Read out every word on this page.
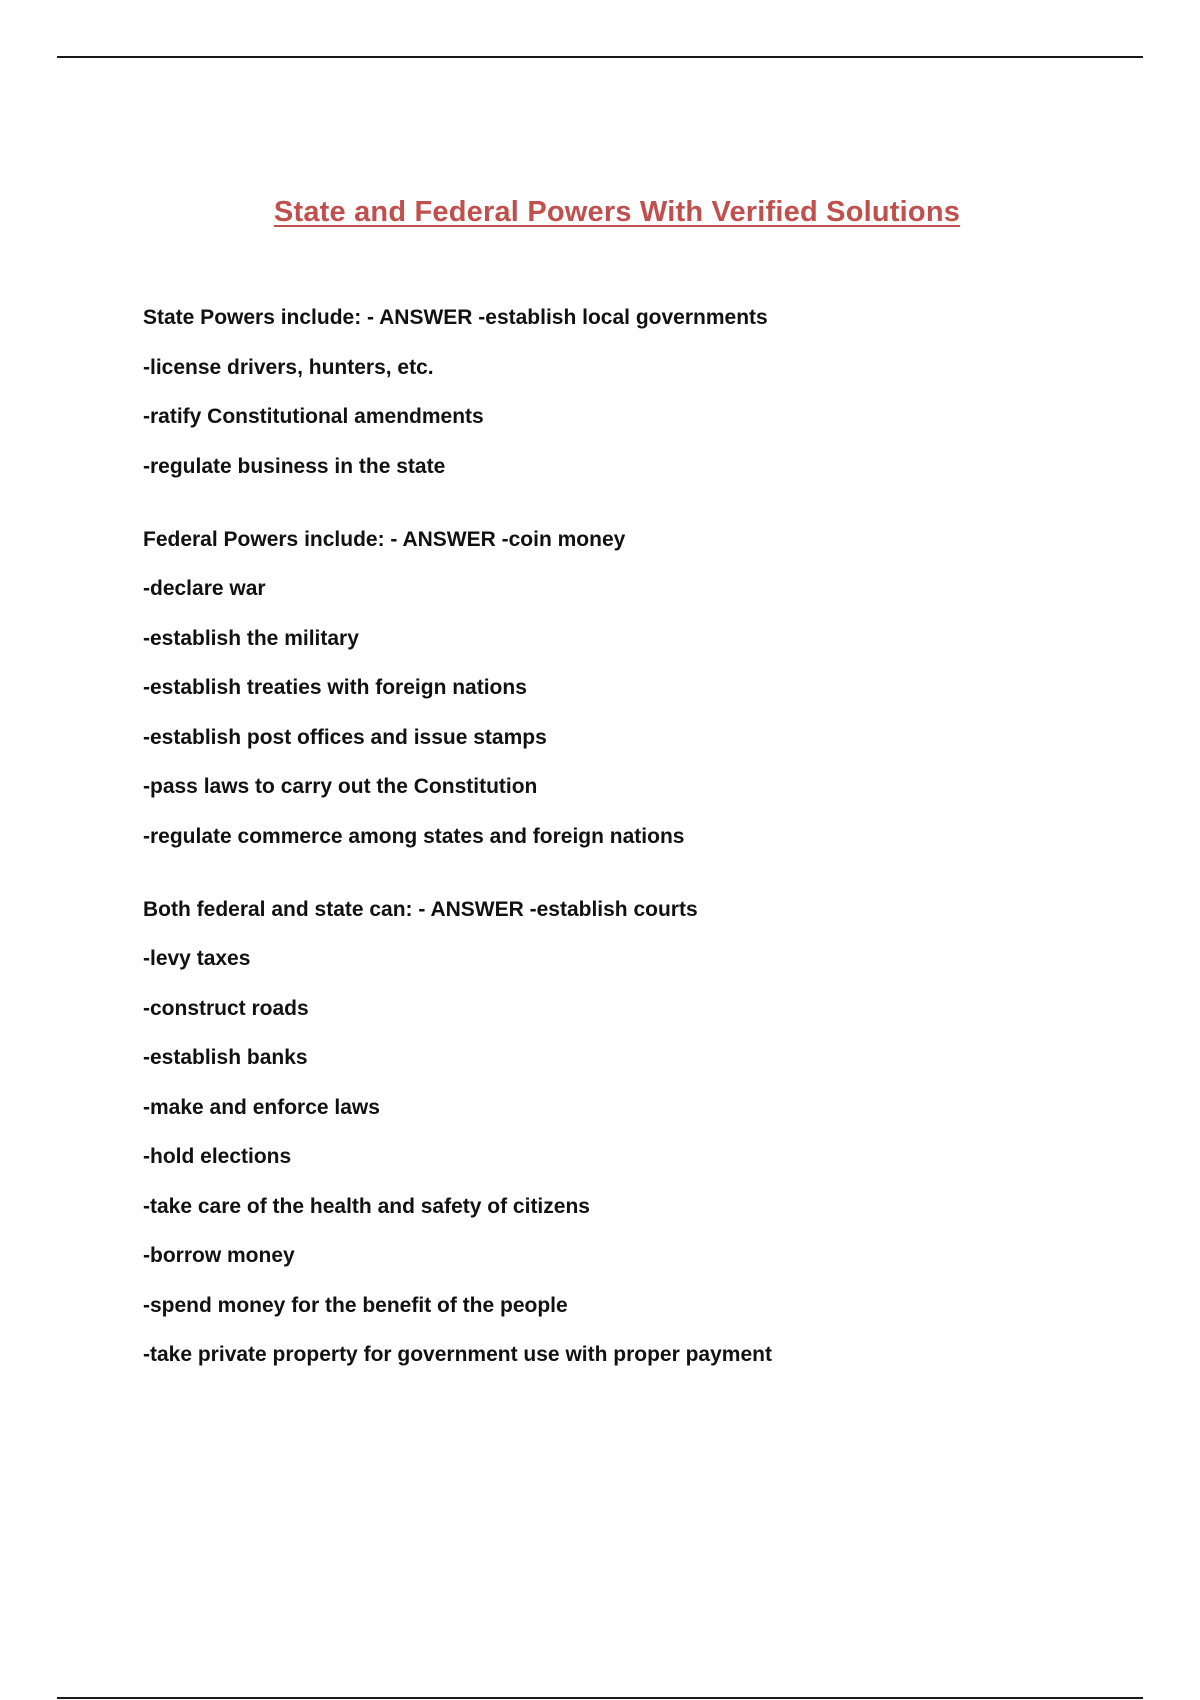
State and Federal Powers With Verified Solutions
State Powers include: - ANSWER -establish local governments
-license drivers, hunters, etc.
-ratify Constitutional amendments
-regulate business in the state
Federal Powers include: - ANSWER -coin money
-declare war
-establish the military
-establish treaties with foreign nations
-establish post offices and issue stamps
-pass laws to carry out the Constitution
-regulate commerce among states and foreign nations
Both federal and state can: - ANSWER -establish courts
-levy taxes
-construct roads
-establish banks
-make and enforce laws
-hold elections
-take care of the health and safety of citizens
-borrow money
-spend money for the benefit of the people
-take private property for government use with proper payment
